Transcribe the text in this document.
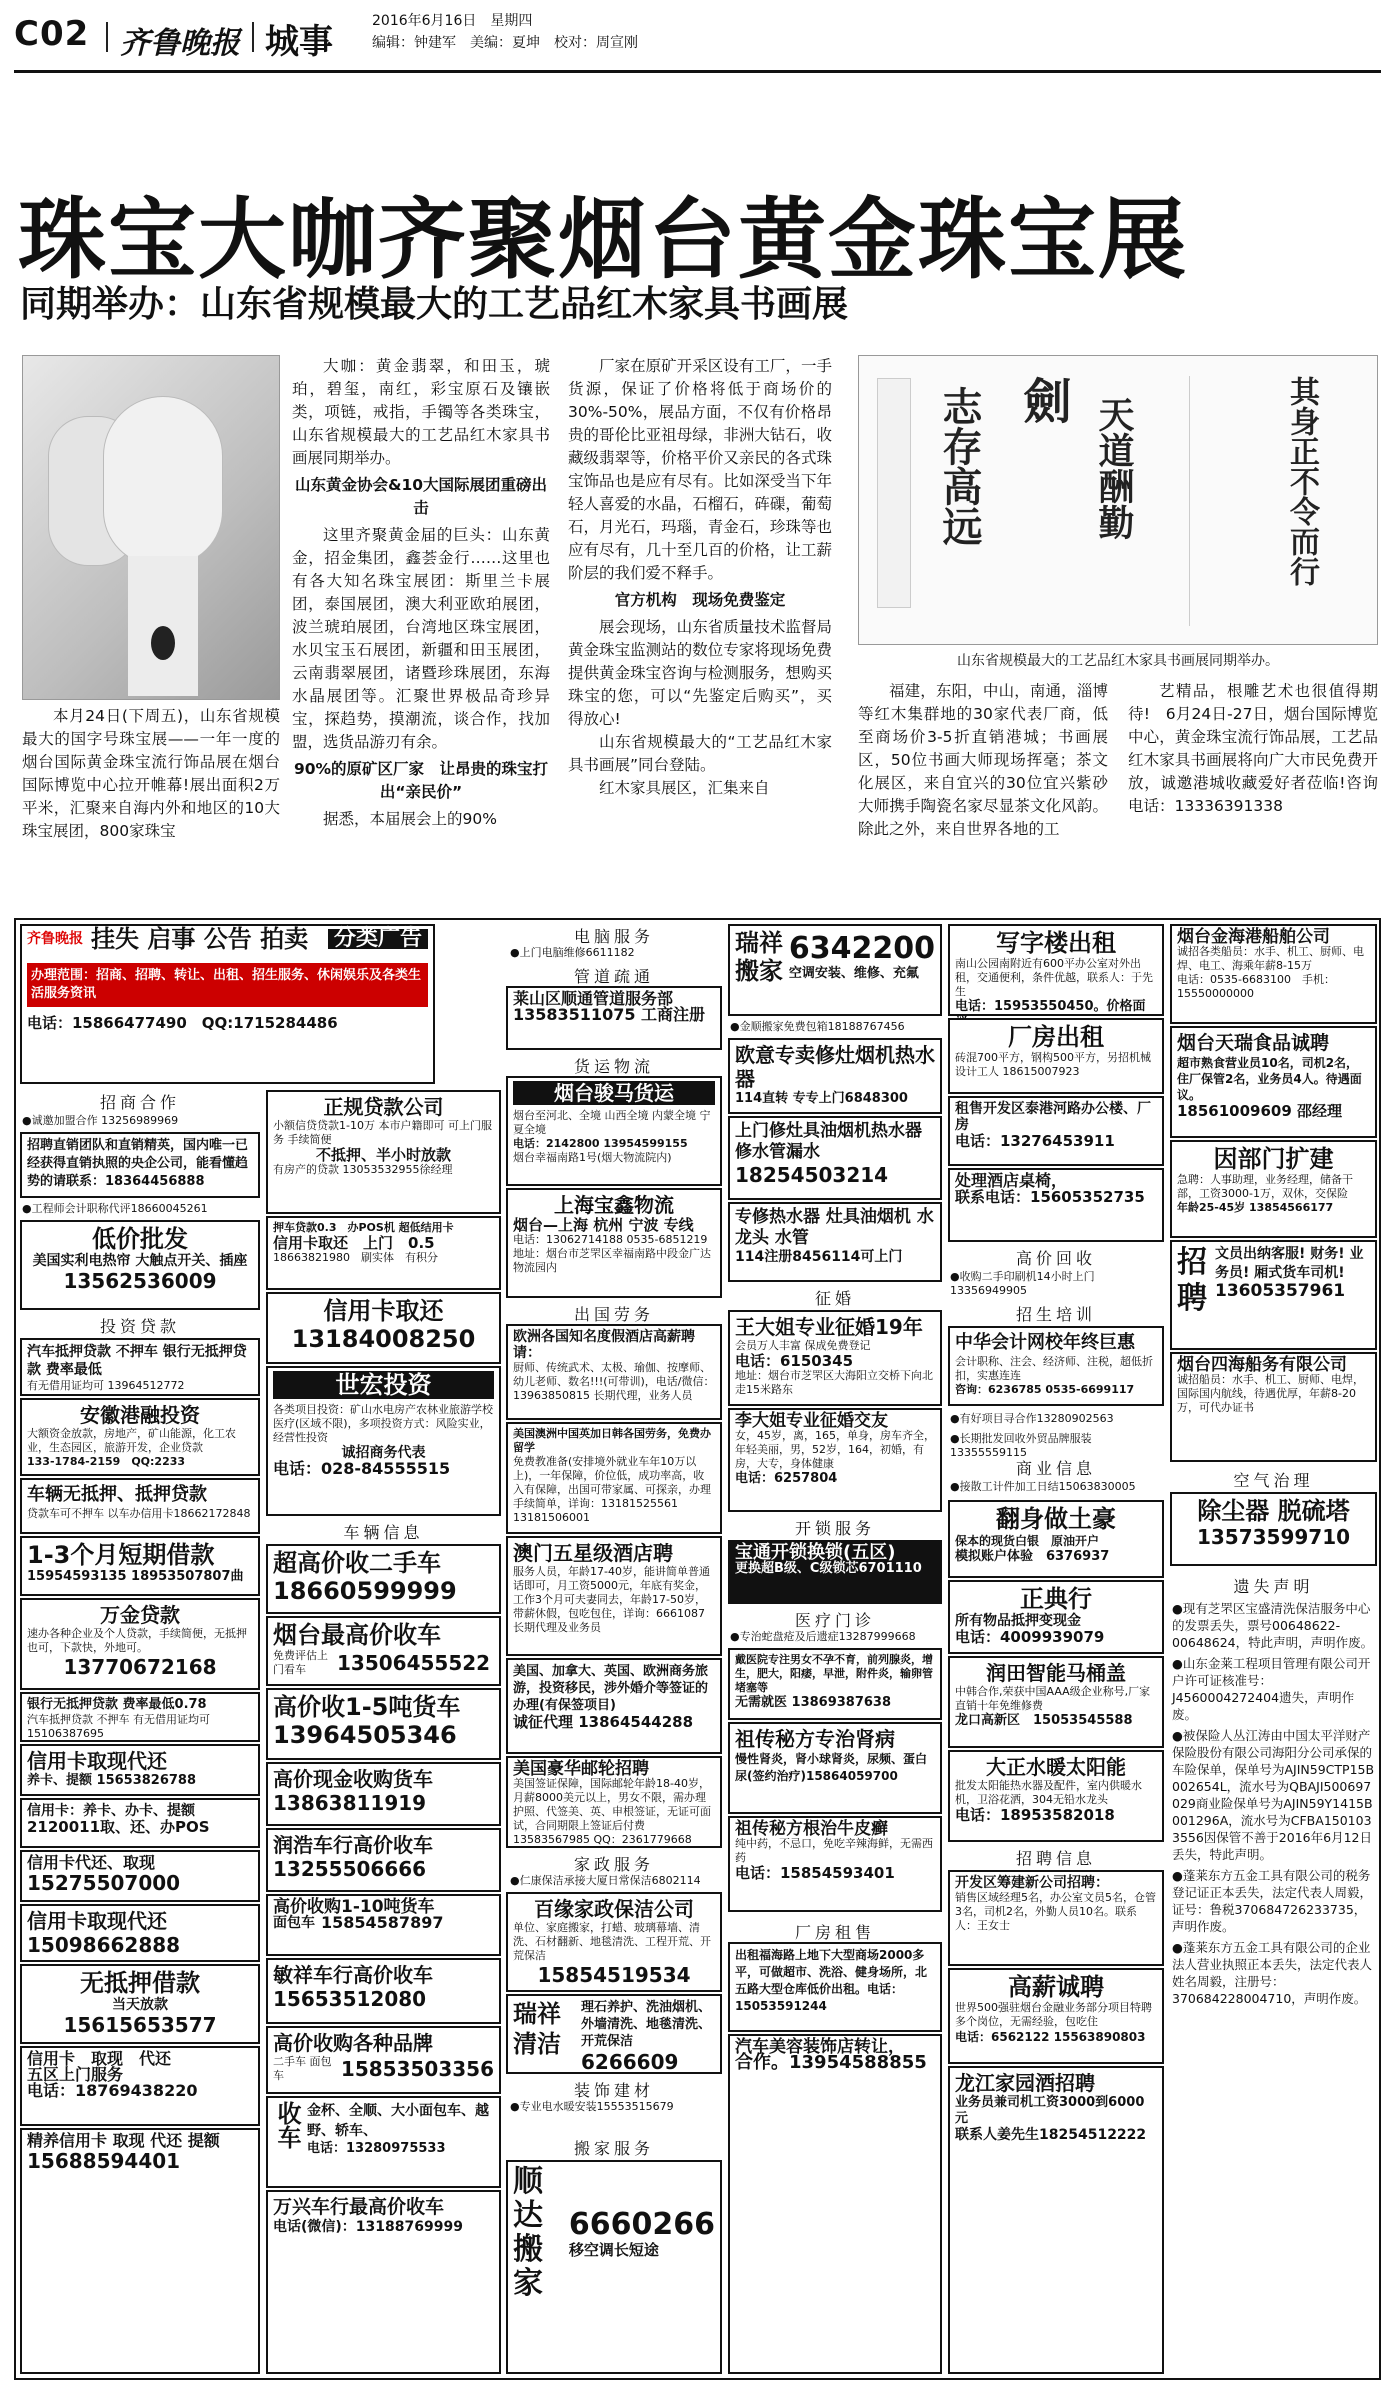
C02 齐鲁晚报 城事
2016年6月16日　星期四
编辑：钟建军　美编：夏坤　校对：周宣刚
珠宝大咖齐聚烟台黄金珠宝展
同期举办：山东省规模最大的工艺品红木家具书画展

本月24日(下周五)，山东省规模最大的国字号珠宝展——一年一度的烟台国际黄金珠宝流行饰品展在烟台国际博览中心拉开帷幕!展出面积2万平米，汇聚来自海内外和地区的10大珠宝展团，800家珠宝

大咖：黄金翡翠，和田玉，琥珀，碧玺，南红，彩宝原石及镶嵌类，项链，戒指，手镯等各类珠宝，山东省规模最大的工艺品红木家具书画展同期举办。

山东黄金协会&10大国际展团重磅出击

这里齐聚黄金届的巨头：山东黄金，招金集团，鑫荟金行……这里也有各大知名珠宝展团：斯里兰卡展团，泰国展团，澳大利亚欧珀展团，波兰琥珀展团，台湾地区珠宝展团，水贝宝玉石展团，新疆和田玉展团，云南翡翠展团，诸暨珍珠展团，东海水晶展团等。汇聚世界极品奇珍异宝，探趋势，摸潮流，谈合作，找加盟，选货品游刃有余。

90%的原矿区厂家　让昂贵的珠宝打出“亲民价”

据悉，本届展会上的90%

厂家在原矿开采区设有工厂，一手货源，保证了价格将低于商场价的30%-50%，展品方面，不仅有价格昂贵的哥伦比亚祖母绿，非洲大钻石，收藏级翡翠等，价格平价又亲民的各式珠宝饰品也是应有尽有。比如深受当下年轻人喜爱的水晶，石榴石，砗磲，葡萄石，月光石，玛瑙，青金石，珍珠等也应有尽有，几十至几百的价格，让工薪阶层的我们爱不释手。

官方机构　现场免费鉴定

展会现场，山东省质量技术监督局黄金珠宝监测站的数位专家将现场免费提供黄金珠宝咨询与检测服务，想购买珠宝的您，可以“先鉴定后购买”，买得放心!

山东省规模最大的“工艺品红木家具书画展”同台登陆。

红木家具展区，汇集来自

志存高远 劍 天道酬勤	其身正不令而行
山东省规模最大的工艺品红木家具书画展同期举办。

福建，东阳，中山，南通，淄博等红木集群地的30家代表厂商，低至商场价3-5折直销港城；书画展区，50位书画大师现场挥毫；茶文化展区，来自宜兴的30位宜兴紫砂大师携手陶瓷名家尽显茶文化风韵。除此之外，来自世界各地的工

艺精品，根雕艺术也很值得期待!　6月24日-27日，烟台国际博览中心，黄金珠宝流行饰品展，工艺品红木家具书画展将向广大市民免费开放，诚邀港城收藏爱好者莅临!咨询电话：13336391338

齐鲁晚报 挂失 启事 公告 拍卖 分类广告
办理范围：招商、招聘、转让、出租、招生服务、休闲娱乐及各类生活服务资讯
电话：15866477490　QQ:1715284486
招商合作
●诚邀加盟合作 13256989969
招聘直销团队和直销精英，国内唯一已经获得直销执照的央企公司，能看懂趋势的请联系：18364456888
●工程师会计职称代评18660045261
低价批发
美国实利电热帘 大触点开关、插座
13562536009
投资贷款
汽车抵押贷款 不押车 银行无抵押贷款 费率最低
有无借用证均可 13964512772
安徽港融投资
大额资金放款，房地产，矿山能源，化工农业，生态园区，旅游开发，企业贷款
133-1784-2159　QQ:2233
车辆无抵押、抵押贷款
贷款车可不押车 以车办信用卡18662172848
1-3个月短期借款
15954593135 18953507807曲
万金贷款
速办各种企业及个人贷款，手续简便，无抵押也可，下款快，外地可。
13770672168
银行无抵押贷款 费率最低0.78
汽车抵押贷款 不押车 有无借用证均可 15106387695
信用卡取现代还
养卡、提额 15653826788
信用卡：养卡、办卡、提额
2120011取、还、办POS
信用卡代还、取现
15275507000
信用卡取现代还
15098662888
无抵押借款
当天放款
15615653577
信用卡　取现　代还
五区上门服务
电话：18769438220
精养信用卡 取现 代还 提额
15688594401
正规贷款公司
小额信贷贷款1-10万 本市户籍即可 可上门服务 手续简便
不抵押、半小时放款
有房产的贷款 13053532955徐经理
押车贷款0.3　办POS机 超低结用卡
信用卡取还　上门　0.5
18663821980　刷实体　有积分
信用卡取还
13184008250
世宏投资
各类项目投资：矿山水电房产农林业旅游学校医疗(区域不限)，多项投资方式：风险实业，经营性投资
诚招商务代表
电话：028-84555515
车辆信息
超高价收二手车
18660599999
烟台最高价收车
免费评估上门看车	13506455522
高价收1-5吨货车
13964505346
高价现金收购货车
13863811919
润浩车行高价收车
13255506666
高价收购1-10吨货车
面包车 15854587897
敏祥车行高价收车
15653512080
高价收购各种品牌
二手车 面包车	15853503356
收车 金杯、全顺、大小面包车、越野、轿车、
电话：13280975533
万兴车行最高价收车
电话(微信)：13188769999
电脑服务
●上门电脑维修6611182
管道疏通
莱山区顺通管道服务部
13583511075 工商注册
货运物流
烟台骏马货运
烟台至河北、全境 山西全境 内蒙全境 宁夏全境
电话：2142800 13954599155
烟台幸福南路1号(烟大物流院内)
上海宝鑫物流
烟台—上海 杭州 宁波 专线
电话：13062714188 0535-6851219
地址：烟台市芝罘区幸福南路中段金广达物流园内
出国劳务
欧洲各国知名度假酒店高薪聘请：
厨师、传统武术、太极、瑜伽、按摩师、幼儿老师、数名!!!(可带训)，电话/微信：13963850815 长期代理，业务人员
美国澳洲中国英加日韩各国劳务，免费办留学
免费教准备(安排境外就业车年10万以上)，一年保障，价位低，成功率高，收入有保障，出国可带家属、可探亲，办理手续简单，详询：13181525561 13181506001
澳门五星级酒店聘
服务人员，年龄17-40岁，能讲简单普通话即可，月工资5000元，年底有奖金，工作3个月可夫妻同去，年龄17-50岁，带薪休假，包吃包住，详询：6661087长期代理及业务员
美国、加拿大、英国、欧洲商务旅游，投资移民，涉外婚介等签证的办理(有保签项目)
诚征代理 13864544288
美国豪华邮轮招聘
美国签证保障，国际邮轮年龄18-40岁，月薪8000美元以上，男女不限，需办理护照、代签美、英、申根签证，无证可面试，合同期限上签证后付费 13583567985 QQ：2361779668
家政服务
●仁康保洁承接大厦日常保洁6802114
百缘家政保洁公司
单位、家庭搬家，打蜡、玻璃幕墙、清洗、石材翻新、地毯清洗、工程开荒、开荒保洁
15854519534
瑞祥清洁
理石养护、洗油烟机、外墙清洗、地毯清洗、开荒保洁
6266609
装饰建材
●专业电水暖安装15553515679
搬家服务
顺达搬家
6660266
移空调长短途
瑞祥搬家
6342200
空调安装、维修、充氟
●金顺搬家免费包箱18188767456
欧意专卖修灶烟机热水器
114直转 专专上门6848300
上门修灶具油烟机热水器修水管漏水
18254503214
专修热水器 灶具油烟机 水龙头 水管
114注册8456114可上门
征婚
王大姐专业征婚19年
会员万人丰富 保成免费登记
电话：6150345
地址：烟台市芝罘区大海阳立交桥下向北走15米路东
李大姐专业征婚交友
女，45岁，离，165，单身，房车齐全，年轻美丽，男，52岁，164，初婚，有房，大专，身体健康
电话：6257804
开锁服务
宝通开锁换锁(五区)
更换超B级、C级锁芯6701110
医疗门诊
●专治蛇盘疮及后遗症13287999668
戴医院专注男女不孕不育，前列腺炎，增生，肥大，阳痿，早泄，附件炎，输卵管堵塞等
无需就医 13869387638
祖传秘方专治肾病
慢性肾炎，肾小球肾炎，尿频、蛋白尿(签约治疗)15864059700
祖传秘方根治牛皮癣
纯中药，不忌口，免吃辛辣海鲜，无需西药
电话：15854593401
厂房租售
出租福海路上地下大型商场2000多平，可做超市、洗浴、健身场所，北五路大型仓库低价出租。电话：15053591244
汽车美容装饰店转让，
合作。13954588855
写字楼出租
南山公园南附近有600平办公室对外出租，交通便利，条件优越，联系人：于先生
电话：15953550450。价格面
厂房出租
砖混700平方，钢构500平方，另招机械设计工人 18615007923
租售开发区泰港河路办公楼、厂房
电话：13276453911
处理酒店桌椅，
联系电话：15605352735
高价回收
●收购二手印刷机14小时上门13356949905
招生培训
中华会计网校年终巨惠
会计职称、注会、经济师、注税，超低折扣，实惠连连
咨询：6236785 0535-6699117
●有好项目寻合作13280902563
●长期批发回收外贸品牌服装13355559115
商业信息
●接散工计件加工日结15063830005
翻身做土豪
保本的现货白银　原油开户
模拟账户体验　6376937
正典行
所有物品抵押变现金
电话：4009939079
润田智能马桶盖
中韩合作,荣获中国AAA级企业称号,厂家直销十年免维修费
龙口高新区　15053545588
大正水暖太阳能
批发太阳能热水器及配件，室内供暖水机，卫浴花洒，304无铅水龙头
电话：18953582018
招聘信息
开发区筹建新公司招聘：
销售区域经理5名，办公室文员5名，仓管3名，司机2名，外勤人员10名。联系人：王女士
高薪诚聘
世界500强驻烟台金融业务部分项目特聘多个岗位，无需经验，包吃住
电话：6562122 15563890803
龙江家园酒招聘
业务员兼司机工资3000到6000元
联系人姜先生18254512222
烟台金海港船舶公司
诚招各类船员：水手、机工、厨师、电焊、电工、海乘年薪8-15万
电话：0535-6683100　手机：15550000000
烟台天瑞食品诚聘
超市熟食营业员10名，司机2名，住厂保管2名，业务员4人。待遇面议。
18561009609 邵经理
因部门扩建
急聘：人事助理，业务经理，储备干部，工资3000-1万，双休，交保险
年龄25-45岁 13854566177
招聘
文员出纳客服! 财务! 业务员! 厢式货车司机!
13605357961
烟台四海船务有限公司
诚招船员：水手、机工、厨师、电焊，国际国内航线，待遇优厚，年薪8-20万，可代办证书
空气治理
除尘器 脱硫塔
13573599710
遗失声明
●现有芝罘区宝盛清洗保洁服务中心的发票丢失，票号00648622-00648624，特此声明，声明作废。
●山东金莱工程项目管理有限公司开户许可证核准号：J4560004272404遗失，声明作废。
●被保险人丛江涛由中国太平洋财产保险股份有限公司海阳分公司承保的车险保单，保单号为AJIN59CTP15B002654L，流水号为QBAJI500697029商业险保单号为AJIN59Y1415B001296A，流水号为CFBA150103355​6因保管不善于2016年6月12日丢失，特此声明。
●蓬莱东方五金工具有限公司的税务登记证正本丢失，法定代表人周毅，证号：鲁税370684726233735，声明作废。
●蓬莱东方五金工具有限公司的企业法人营业执照正本丢失，法定代表人姓名周毅，注册号：370684228004710，声明作废。
